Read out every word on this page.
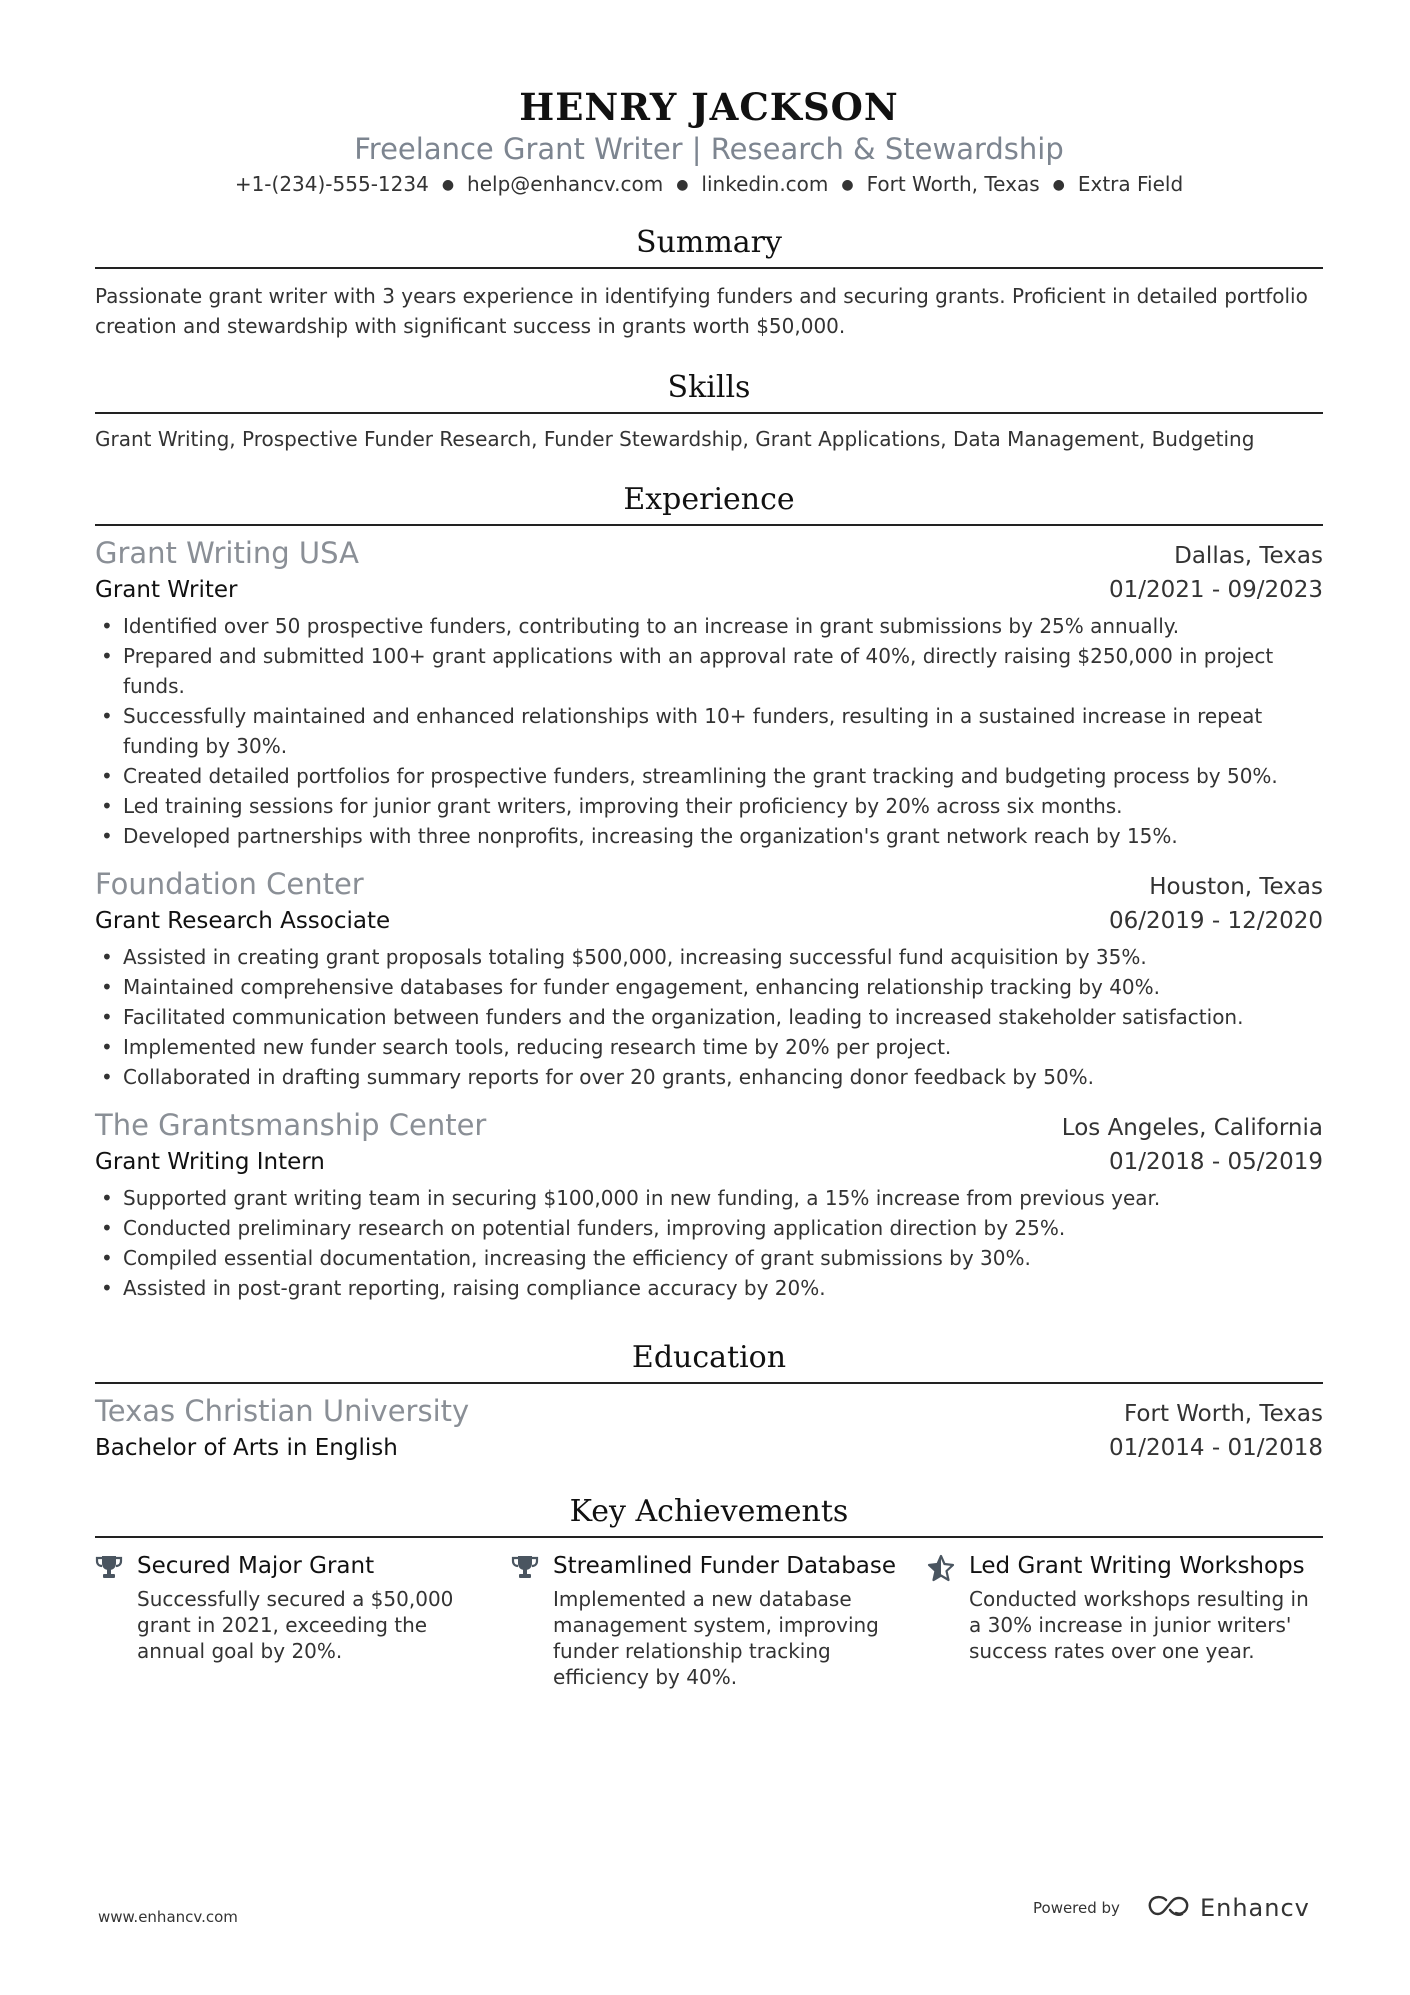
HENRY JACKSON
Freelance Grant Writer | Research & Stewardship
+1-(234)-555-1234 ● help@enhancv.com ● linkedin.com ● Fort Worth, Texas ● Extra Field
Summary
Passionate grant writer with 3 years experience in identifying funders and securing grants. Proficient in detailed portfolio creation and stewardship with significant success in grants worth $50,000.
Skills
Grant Writing, Prospective Funder Research, Funder Stewardship, Grant Applications, Data Management, Budgeting
Experience
Grant Writing USA	Dallas, Texas
Grant Writer	01/2021 - 09/2023
• Identified over 50 prospective funders, contributing to an increase in grant submissions by 25% annually.
• Prepared and submitted 100+ grant applications with an approval rate of 40%, directly raising $250,000 in project funds.
• Successfully maintained and enhanced relationships with 10+ funders, resulting in a sustained increase in repeat funding by 30%.
• Created detailed portfolios for prospective funders, streamlining the grant tracking and budgeting process by 50%.
• Led training sessions for junior grant writers, improving their proficiency by 20% across six months.
• Developed partnerships with three nonprofits, increasing the organization's grant network reach by 15%.
Foundation Center	Houston, Texas
Grant Research Associate	06/2019 - 12/2020
• Assisted in creating grant proposals totaling $500,000, increasing successful fund acquisition by 35%.
• Maintained comprehensive databases for funder engagement, enhancing relationship tracking by 40%.
• Facilitated communication between funders and the organization, leading to increased stakeholder satisfaction.
• Implemented new funder search tools, reducing research time by 20% per project.
• Collaborated in drafting summary reports for over 20 grants, enhancing donor feedback by 50%.
The Grantsmanship Center	Los Angeles, California
Grant Writing Intern	01/2018 - 05/2019
• Supported grant writing team in securing $100,000 in new funding, a 15% increase from previous year.
• Conducted preliminary research on potential funders, improving application direction by 25%.
• Compiled essential documentation, increasing the efficiency of grant submissions by 30%.
• Assisted in post-grant reporting, raising compliance accuracy by 20%.
Education
Texas Christian University	Fort Worth, Texas
Bachelor of Arts in English	01/2014 - 01/2018
Key Achievements
Secured Major Grant
Successfully secured a $50,000 grant in 2021, exceeding the annual goal by 20%.
Streamlined Funder Database
Implemented a new database management system, improving funder relationship tracking efficiency by 40%.
Led Grant Writing Workshops
Conducted workshops resulting in a 30% increase in junior writers' success rates over one year.
www.enhancv.com	Powered by	Enhancv
